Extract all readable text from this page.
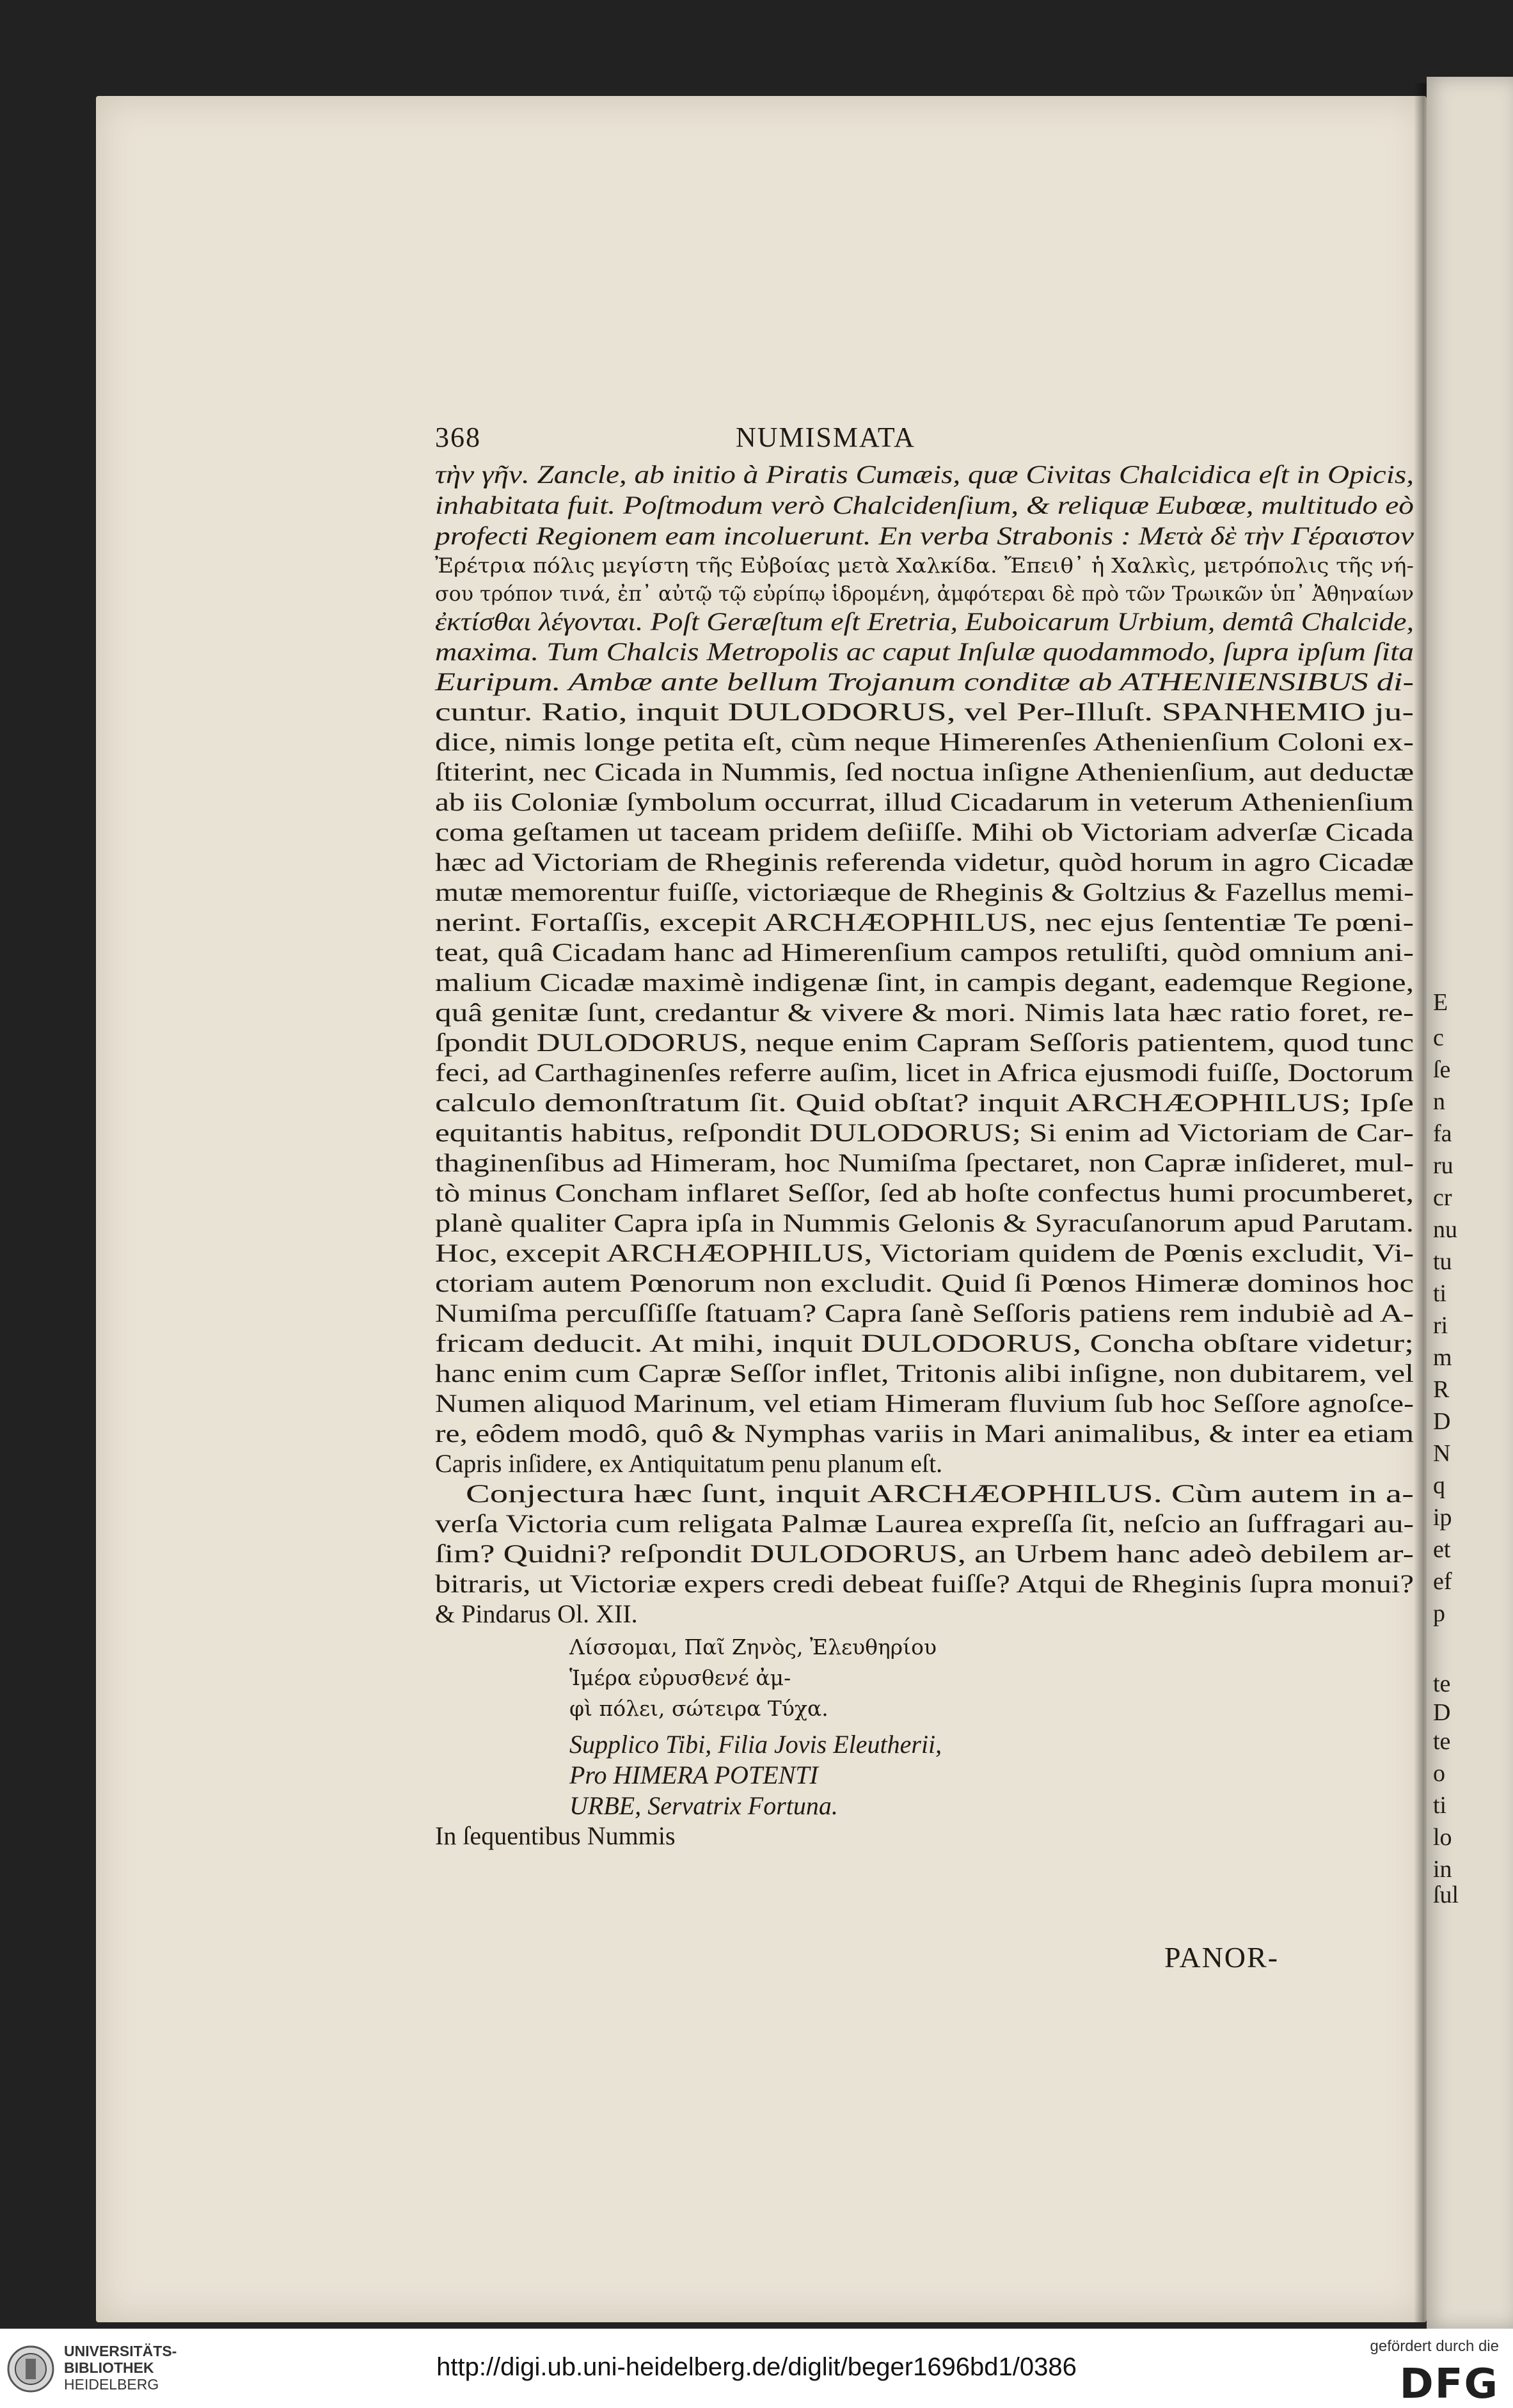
368	NUMISMATA
τὴν γῆν. Zancle, ab initio à Piratis Cumæis, quæ Civitas Chalcidica eſt in Opicis,
inhabitata fuit. Poſtmodum verò Chalcidenſium, & reliquæ Eubœæ, multitudo eò
profecti Regionem eam incoluerunt. En verba Strabonis : Μετὰ δὲ τὴν Γέραιστον
Ἐρέτρια πόλις μεγίστη τῆς Εὐβοίας μετὰ Χαλκίδα. Ἔπειθ᾽ ἡ Χαλκὶς, μετρόπολις τῆς νή-
σου τρόπον τινά, ἐπ᾽ αὐτῷ τῷ εὐρίπῳ ἱδρομένη, ἀμφότεραι δὲ πρὸ τῶν Τρωικῶν ὑπ᾽ Ἀθηναίων
ἐκτίσθαι λέγονται. Poſt Geræſtum eſt Eretria, Euboicarum Urbium, demtâ Chalcide,
maxima. Tum Chalcis Metropolis ac caput Inſulæ quodammodo, ſupra ipſum ſita
Euripum. Ambæ ante bellum Trojanum conditæ ab ATHENIENSIBUS di-
cuntur. Ratio, inquit DULODORUS, vel Per-Illuſt. SPANHEMIO ju-
dice, nimis longe petita eſt, cùm neque Himerenſes Athenienſium Coloni ex-
ſtiterint, nec Cicada in Nummis, ſed noctua inſigne Athenienſium, aut deductæ
ab iis Coloniæ ſymbolum occurrat, illud Cicadarum in veterum Athenienſium
coma geſtamen ut taceam pridem deſiiſſe. Mihi ob Victoriam adverſæ Cicada
hæc ad Victoriam de Rheginis referenda videtur, quòd horum in agro Cicadæ
mutæ memorentur fuiſſe, victoriæque de Rheginis & Goltzius & Fazellus memi-
nerint. Fortaſſis, excepit ARCHÆOPHILUS, nec ejus ſententiæ Te pœni-
teat, quâ Cicadam hanc ad Himerenſium campos retuliſti, quòd omnium ani-
malium Cicadæ maximè indigenæ ſint, in campis degant, eademque Regione,
quâ genitæ ſunt, credantur & vivere & mori. Nimis lata hæc ratio foret, re-
ſpondit DULODORUS, neque enim Capram Seſſoris patientem, quod tunc
feci, ad Carthaginenſes referre auſim, licet in Africa ejusmodi fuiſſe, Doctorum
calculo demonſtratum ſit. Quid obſtat? inquit ARCHÆOPHILUS; Ipſe
equitantis habitus, reſpondit DULODORUS; Si enim ad Victoriam de Car-
thaginenſibus ad Himeram, hoc Numiſma ſpectaret, non Capræ inſideret, mul-
tò minus Concham inflaret Seſſor, ſed ab hoſte confectus humi procumberet,
planè qualiter Capra ipſa in Nummis Gelonis & Syracuſanorum apud Parutam.
Hoc, excepit ARCHÆOPHILUS, Victoriam quidem de Pœnis excludit, Vi-
ctoriam autem Pœnorum non excludit. Quid ſi Pœnos Himeræ dominos hoc
Numiſma percuſſiſſe ſtatuam? Capra ſanè Seſſoris patiens rem indubiè ad A-
fricam deducit. At mihi, inquit DULODORUS, Concha obſtare videtur;
hanc enim cum Capræ Seſſor inflet, Tritonis alibi inſigne, non dubitarem, vel
Numen aliquod Marinum, vel etiam Himeram fluvium ſub hoc Seſſore agnoſce-
re, eôdem modô, quô & Nymphas variis in Mari animalibus, & inter ea etiam
Capris inſidere, ex Antiquitatum penu planum eſt.
Conjectura hæc ſunt, inquit ARCHÆOPHILUS. Cùm autem in a-
verſa Victoria cum religata Palmæ Laurea expreſſa ſit, neſcio an ſuffragari au-
ſim? Quidni? reſpondit DULODORUS, an Urbem hanc adeò debilem ar-
bitraris, ut Victoriæ expers credi debeat fuiſſe? Atqui de Rheginis ſupra monui?
& Pindarus Ol. XII.
Λίσσομαι, Παῖ Ζηνὸς, Ἐλευθηρίου
Ἱμέρα εὐρυσθενέ ἀμ-
φὶ πόλει, σώτειρα Τύχα.
Supplico Tibi, Filia Jovis Eleutherii,
Pro HIMERA POTENTI
URBE, Servatrix Fortuna.
In ſequentibus Nummis
PANOR-
E
c
ſe
n
fa
ru
cr
nu
tu
ti
ri
m
R
D
N
q
ip
et
ef
p
te
D
te
o
ti
lo
in
ſul
UNIVERSITÄTS-
BIBLIOTHEK
HEIDELBERG
http://digi.ub.uni-heidelberg.de/diglit/beger1696bd1/0386
gefördert durch die
DFG
